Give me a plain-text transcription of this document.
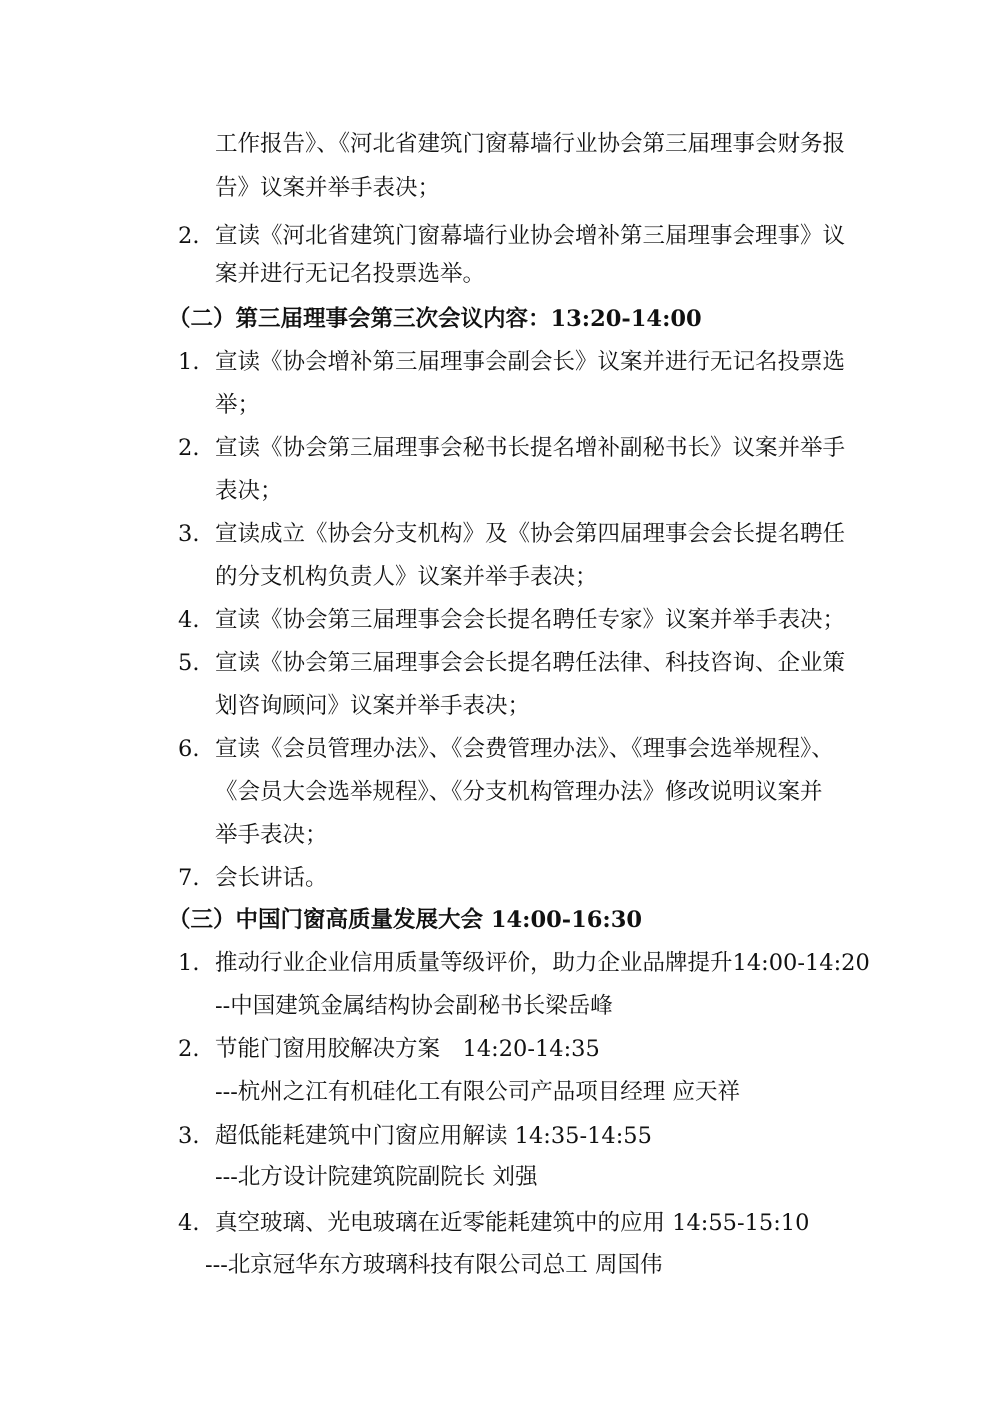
工作报告》、《河北省建筑门窗幕墙行业协会第三届理事会财务报
告》议案并举手表决；
2. 宣读《河北省建筑门窗幕墙行业协会增补第三届理事会理事》议
案并进行无记名投票选举。
（二）第三届理事会第三次会议内容：13:20-14:00
1. 宣读《协会增补第三届理事会副会长》议案并进行无记名投票选
举；
2. 宣读《协会第三届理事会秘书长提名增补副秘书长》议案并举手
表决；
3. 宣读成立《协会分支机构》及《协会第四届理事会会长提名聘任
的分支机构负责人》议案并举手表决；
4. 宣读《协会第三届理事会会长提名聘任专家》议案并举手表决；
5. 宣读《协会第三届理事会会长提名聘任法律、科技咨询、企业策
划咨询顾问》议案并举手表决；
6. 宣读《会员管理办法》、《会费管理办法》、《理事会选举规程》、
《会员大会选举规程》、《分支机构管理办法》修改说明议案并
举手表决；
7. 会长讲话。
（三）中国门窗高质量发展大会 14:00-16:30
1. 推动行业企业信用质量等级评价，助力企业品牌提升14:00-14:20
--中国建筑金属结构协会副秘书长梁岳峰
2. 节能门窗用胶解决方案　14:20-14:35
---杭州之江有机硅化工有限公司产品项目经理 应天祥
3. 超低能耗建筑中门窗应用解读 14:35-14:55
---北方设计院建筑院副院长 刘强
4. 真空玻璃、光电玻璃在近零能耗建筑中的应用 14:55-15:10
---北京冠华东方玻璃科技有限公司总工 周国伟
